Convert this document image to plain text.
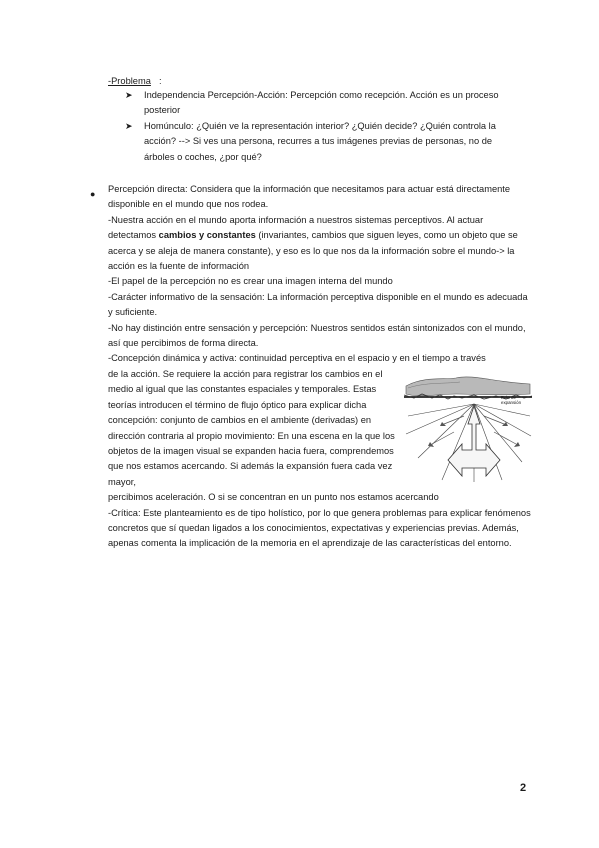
-Problema :
➤ Independencia Percepción-Acción: Percepción como recepción. Acción es un proceso posterior
➤ Homúnculo: ¿Quién ve la representación interior? ¿Quién decide? ¿Quién controla la acción? --> Si ves una persona, recurres a tus imágenes previas de personas, no de árboles o coches, ¿por qué?
● Percepción directa: Considera que la información que necesitamos para actuar está directamente disponible en el mundo que nos rodea.

-Nuestra acción en el mundo aporta información a nuestros sistemas perceptivos. Al actuar detectamos cambios y constantes (invariantes, cambios que siguen leyes, como un objeto que se acerca y se aleja de manera constante), y eso es lo que nos da la información sobre el mundo-> la acción es la fuente de información

-El papel de la percepción no es crear una imagen interna del mundo

-Carácter informativo de la sensación: La información perceptiva disponible en el mundo es adecuada y suficiente.

-No hay distinción entre sensación y percepción: Nuestros sentidos están sintonizados con el mundo, así que percibimos de forma directa.

-Concepción dinámica y activa: continuidad perceptiva en el espacio y en el tiempo a través

de la acción. Se requiere la acción para registrar los cambios en el medio al igual que las constantes espaciales y temporales. Estas teorías introducen el término de flujo óptico para explicar dicha concepción: conjunto de cambios en el ambiente (derivadas) en dirección contraria al propio movimiento: En una escena en la que los objetos de la imagen visual se expanden hacia fuera, comprendemos que nos estamos acercando. Si además la expansión fuera cada vez mayor,

percibimos aceleración. O si se concentran en un punto nos estamos acercando

-Crítica: Este planteamiento es de tipo holístico, por lo que genera problemas para explicar fenómenos concretos que sí quedan ligados a los conocimientos, expectativas y experiencias previas. Además, apenas comenta la implicación de la memoria en el aprendizaje de las características del entorno.

Polo de
expansión
2
